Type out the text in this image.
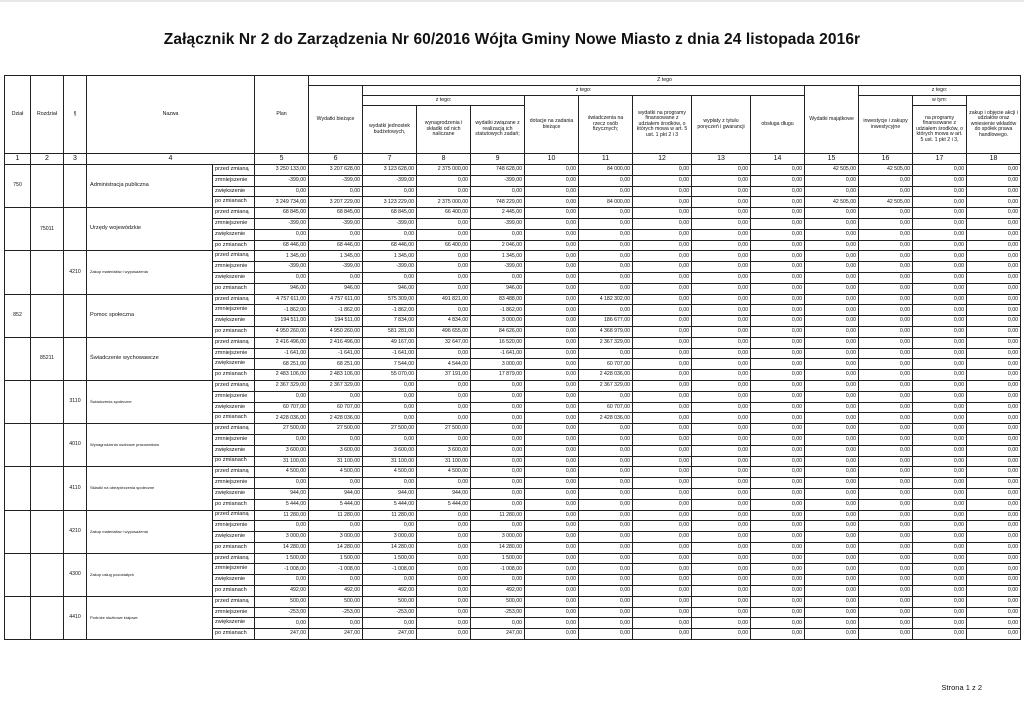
Załącznik Nr 2 do Zarządzenia Nr 60/2016 Wójta Gminy Nowe Miasto z dnia 24 listopada 2016r
Dział	Rozdział	§	Nazwa		Plan	Z tego												
						Wydatki bieżące	z tego:								Wydatki majątkowe	z tego:		
							z tego:			dotacje na zadania bieżące	świadczenia na rzecz osób fizycznych;	wydatki na programy finansowane z udziałem środków, o których mowa w art. 5 ust. 1 pkt 2 i 3	wypłaty z tytułu poręczeń i gwarancji	obsługa długu		inwestycje i zakupy inwestycyjne	w tym:	zakup i objęcie akcji i udziałów oraz wniesienie wkładów do spółek prawa handlowego.
							wydatki jednostek budżetowych,	wynagrodzenia i składki od nich naliczane	wydatki związane z realizacją ich statutowych zadań;								na programy finansowane z udziałem środków, o których mowa w art. 5 ust. 1 pkt 2 i 3,	

1	2	3	4		5	6	7	8	9	10	11	12	13	14	15	16	17	18
750			Administracja publiczna	przed zmianą	3 250 133,00	3 207 628,00	3 123 628,00	2 375 000,00	748 628,00	0,00	84 000,00	0,00	0,00	0,00	42 505,00	42 505,00	0,00	0,00
				zmniejszenie	-399,00	-399,00	-399,00	0,00	-399,00	0,00	0,00	0,00	0,00	0,00	0,00	0,00	0,00	0,00
				zwiększenie	0,00	0,00	0,00	0,00	0,00	0,00	0,00	0,00	0,00	0,00	0,00	0,00	0,00	0,00
				po zmianach	3 249 734,00	3 207 229,00	3 123 229,00	2 375 000,00	748 229,00	0,00	84 000,00	0,00	0,00	0,00	42 505,00	42 505,00	0,00	0,00
	75011		Urzędy wojewódzkie	przed zmianą	68 845,00	68 845,00	68 845,00	66 400,00	2 445,00	0,00	0,00	0,00	0,00	0,00	0,00	0,00	0,00	0,00
				zmniejszenie	-399,00	-399,00	-399,00	0,00	-399,00	0,00	0,00	0,00	0,00	0,00	0,00	0,00	0,00	0,00
				zwiększenie	0,00	0,00	0,00	0,00	0,00	0,00	0,00	0,00	0,00	0,00	0,00	0,00	0,00	0,00
				po zmianach	68 446,00	68 446,00	68 446,00	66 400,00	2 046,00	0,00	0,00	0,00	0,00	0,00	0,00	0,00	0,00	0,00
		4210	Zakup materiałów i wyposażenia	przed zmianą	1 345,00	1 345,00	1 345,00	0,00	1 345,00	0,00	0,00	0,00	0,00	0,00	0,00	0,00	0,00	0,00
				zmniejszenie	-399,00	-399,00	-399,00	0,00	-399,00	0,00	0,00	0,00	0,00	0,00	0,00	0,00	0,00	0,00
				zwiększenie	0,00	0,00	0,00	0,00	0,00	0,00	0,00	0,00	0,00	0,00	0,00	0,00	0,00	0,00
				po zmianach	946,00	946,00	946,00	0,00	946,00	0,00	0,00	0,00	0,00	0,00	0,00	0,00	0,00	0,00
852			Pomoc społeczna	przed zmianą	4 757 611,00	4 757 611,00	575 309,00	491 821,00	83 488,00	0,00	4 182 302,00	0,00	0,00	0,00	0,00	0,00	0,00	0,00
				zmniejszenie	-1 862,00	-1 862,00	-1 862,00	0,00	-1 862,00	0,00	0,00	0,00	0,00	0,00	0,00	0,00	0,00	0,00
				zwiększenie	194 511,00	194 511,00	7 834,00	4 834,00	3 000,00	0,00	186 677,00	0,00	0,00	0,00	0,00	0,00	0,00	0,00
				po zmianach	4 950 260,00	4 950 260,00	581 281,00	496 655,00	84 626,00	0,00	4 368 979,00	0,00	0,00	0,00	0,00	0,00	0,00	0,00
	85211		Świadczenie wychowawcze	przed zmianą	2 416 496,00	2 416 496,00	49 167,00	32 647,00	16 520,00	0,00	2 367 329,00	0,00	0,00	0,00	0,00	0,00	0,00	0,00
				zmniejszenie	-1 641,00	-1 641,00	-1 641,00	0,00	-1 641,00	0,00	0,00	0,00	0,00	0,00	0,00	0,00	0,00	0,00
				zwiększenie	68 251,00	68 251,00	7 544,00	4 544,00	3 000,00	0,00	60 707,00	0,00	0,00	0,00	0,00	0,00	0,00	0,00
				po zmianach	2 483 106,00	2 483 106,00	55 070,00	37 191,00	17 879,00	0,00	2 428 036,00	0,00	0,00	0,00	0,00	0,00	0,00	0,00
		3110	Świadczenia społeczne	przed zmianą	2 367 329,00	2 367 329,00	0,00	0,00	0,00	0,00	2 367 329,00	0,00	0,00	0,00	0,00	0,00	0,00	0,00
				zmniejszenie	0,00	0,00	0,00	0,00	0,00	0,00	0,00	0,00	0,00	0,00	0,00	0,00	0,00	0,00
				zwiększenie	60 707,00	60 707,00	0,00	0,00	0,00	0,00	60 707,00	0,00	0,00	0,00	0,00	0,00	0,00	0,00
				po zmianach	2 428 036,00	2 428 036,00	0,00	0,00	0,00	0,00	2 428 036,00	0,00	0,00	0,00	0,00	0,00	0,00	0,00
		4010	Wynagrodzenia osobowe pracowników	przed zmianą	27 500,00	27 500,00	27 500,00	27 500,00	0,00	0,00	0,00	0,00	0,00	0,00	0,00	0,00	0,00	0,00
				zmniejszenie	0,00	0,00	0,00	0,00	0,00	0,00	0,00	0,00	0,00	0,00	0,00	0,00	0,00	0,00
				zwiększenie	3 600,00	3 600,00	3 600,00	3 600,00	0,00	0,00	0,00	0,00	0,00	0,00	0,00	0,00	0,00	0,00
				po zmianach	31 100,00	31 100,00	31 100,00	31 100,00	0,00	0,00	0,00	0,00	0,00	0,00	0,00	0,00	0,00	0,00
		4110	Składki na ubezpieczenia społeczne	przed zmianą	4 500,00	4 500,00	4 500,00	4 500,00	0,00	0,00	0,00	0,00	0,00	0,00	0,00	0,00	0,00	0,00
				zmniejszenie	0,00	0,00	0,00	0,00	0,00	0,00	0,00	0,00	0,00	0,00	0,00	0,00	0,00	0,00
				zwiększenie	944,00	944,00	944,00	944,00	0,00	0,00	0,00	0,00	0,00	0,00	0,00	0,00	0,00	0,00
				po zmianach	5 444,00	5 444,00	5 444,00	5 444,00	0,00	0,00	0,00	0,00	0,00	0,00	0,00	0,00	0,00	0,00
		4210	Zakup materiałów i wyposażenia	przed zmianą	11 280,00	11 280,00	11 280,00	0,00	11 280,00	0,00	0,00	0,00	0,00	0,00	0,00	0,00	0,00	0,00
				zmniejszenie	0,00	0,00	0,00	0,00	0,00	0,00	0,00	0,00	0,00	0,00	0,00	0,00	0,00	0,00
				zwiększenie	3 000,00	3 000,00	3 000,00	0,00	3 000,00	0,00	0,00	0,00	0,00	0,00	0,00	0,00	0,00	0,00
				po zmianach	14 280,00	14 280,00	14 280,00	0,00	14 280,00	0,00	0,00	0,00	0,00	0,00	0,00	0,00	0,00	0,00
		4300	Zakup usług pozostałych	przed zmianą	1 500,00	1 500,00	1 500,00	0,00	1 500,00	0,00	0,00	0,00	0,00	0,00	0,00	0,00	0,00	0,00
				zmniejszenie	-1 008,00	-1 008,00	-1 008,00	0,00	-1 008,00	0,00	0,00	0,00	0,00	0,00	0,00	0,00	0,00	0,00
				zwiększenie	0,00	0,00	0,00	0,00	0,00	0,00	0,00	0,00	0,00	0,00	0,00	0,00	0,00	0,00
				po zmianach	492,00	492,00	492,00	0,00	492,00	0,00	0,00	0,00	0,00	0,00	0,00	0,00	0,00	0,00
		4410	Podróże służbowe krajowe	przed zmianą	500,00	500,00	500,00	0,00	500,00	0,00	0,00	0,00	0,00	0,00	0,00	0,00	0,00	0,00
				zmniejszenie	-253,00	-253,00	-253,00	0,00	-253,00	0,00	0,00	0,00	0,00	0,00	0,00	0,00	0,00	0,00
				zwiększenie	0,00	0,00	0,00	0,00	0,00	0,00	0,00	0,00	0,00	0,00	0,00	0,00	0,00	0,00
				po zmianach	247,00	247,00	247,00	0,00	247,00	0,00	0,00	0,00	0,00	0,00	0,00	0,00	0,00	0,00
Strona 1 z 2
